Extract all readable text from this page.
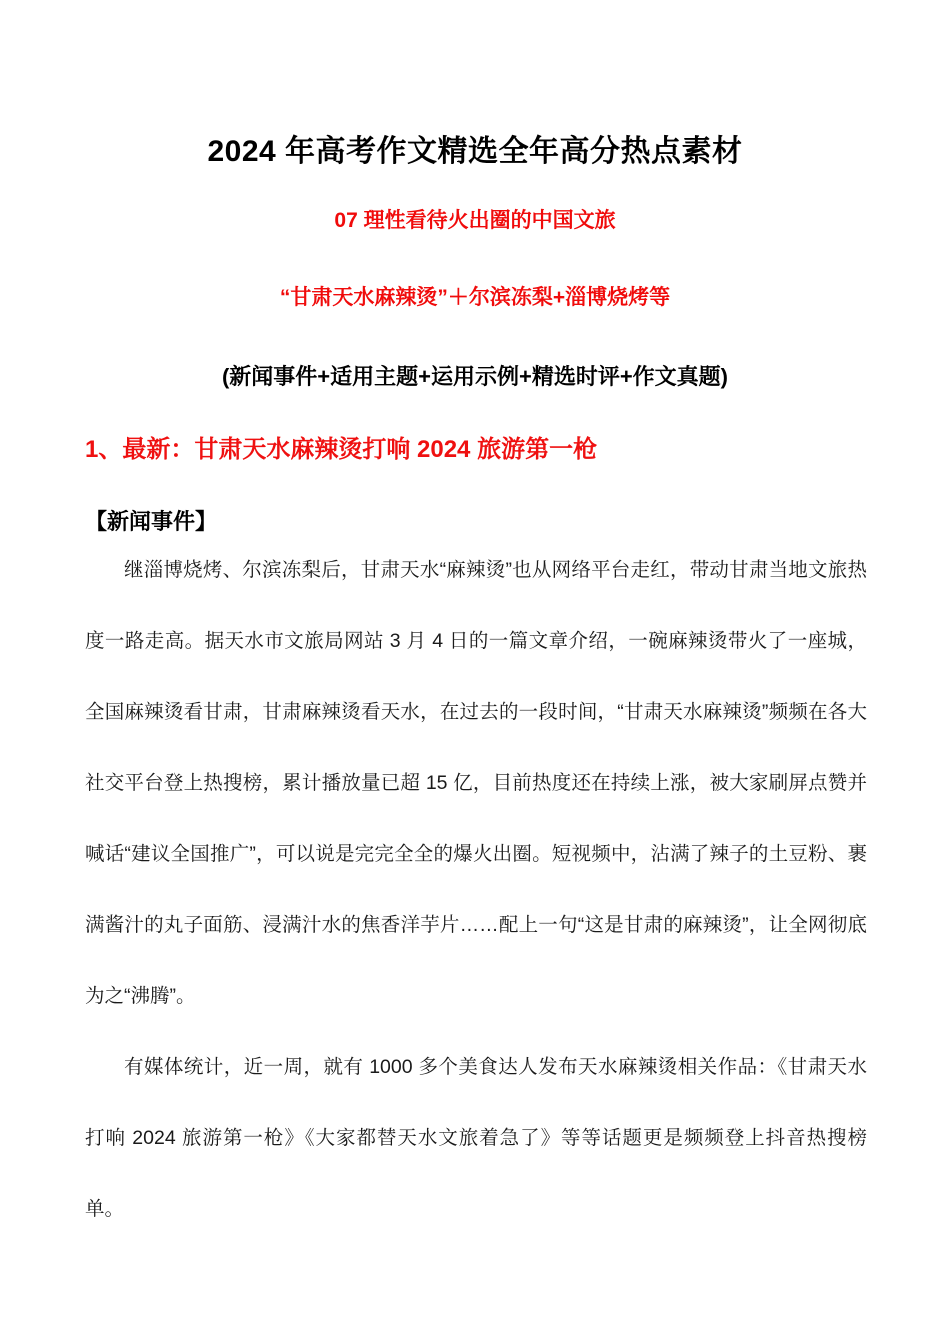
2024 年高考作文精选全年高分热点素材
07 理性看待火出圈的中国文旅
“甘肃天水麻辣烫”＋尔滨冻梨+淄博烧烤等
(新闻事件+适用主题+运用示例+精选时评+作文真题)
1、最新：甘肃天水麻辣烫打响 2024 旅游第一枪
【新闻事件】

继淄博烧烤、尔滨冻梨后，甘肃天水“麻辣烫”也从网络平台走红，带动甘肃当地文旅热度一路走高。据天水市文旅局网站 3 月 4 日的一篇文章介绍，一碗麻辣烫带火了一座城，全国麻辣烫看甘肃，甘肃麻辣烫看天水，在过去的一段时间，“甘肃天水麻辣烫”频频在各大社交平台登上热搜榜，累计播放量已超 15 亿，目前热度还在持续上涨，被大家刷屏点赞并喊话“建议全国推广”，可以说是完完全全的爆火出圈。短视频中，沾满了辣子的土豆粉、裹满酱汁的丸子面筋、浸满汁水的焦香洋芋片……配上一句“这是甘肃的麻辣烫”，让全网彻底为之“沸腾”。

有媒体统计，近一周，就有 1000 多个美食达人发布天水麻辣烫相关作品：《甘肃天水打响 2024 旅游第一枪》《大家都替天水文旅着急了》等等话题更是频频登上抖音热搜榜单。
